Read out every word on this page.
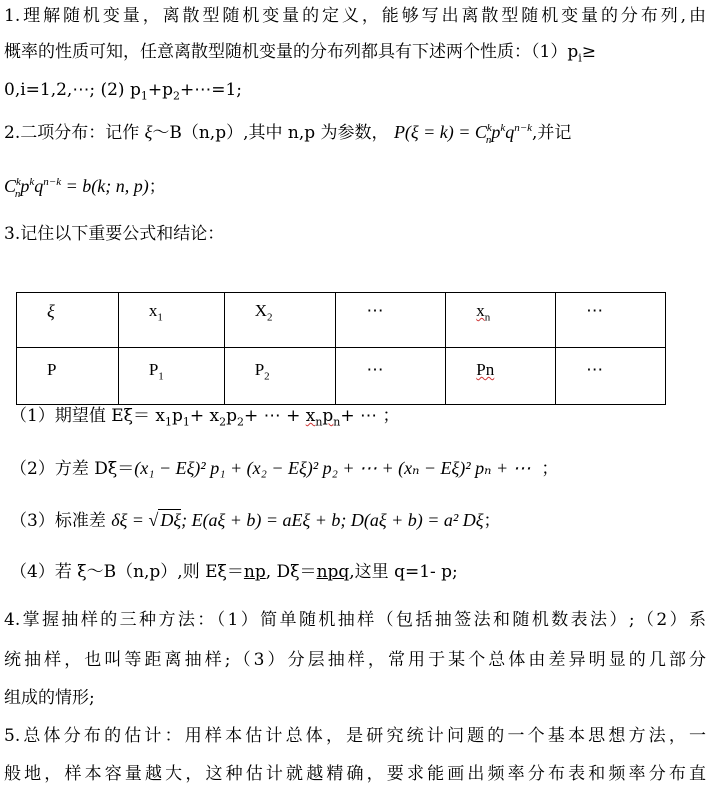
1.理解随机变量，离散型随机变量的定义，能够写出离散型随机变量的分布列,由
概率的性质可知，任意离散型随机变量的分布列都具有下述两个性质：$(1)p_i\ge$
0,i=1,2,⋯; (2) $p_1+p_2+\cdots=1$;
2.二项分布：记作 ξ～B（n,p）,其中 n,p 为参数， $P(\xi = k) = C^k_np^kq^{n-k}$,并记
$C^k_np^kq^{n-k} = b(k$; n, p)；
3.记住以下重要公式和结论：
ξ	$x_1$	$X_2$	⋯	$x_n$	⋯
P	$P_1$	$P_2$	⋯	Pn	⋯
（1）期望值 $E\xi= x_1p_1+ x_2p_2+$ ⋯ + $x_np_n+$ ⋯ ；
（2）方差 Dξ＝(x₁ − Eξ)² p₁ + (x₂ − Eξ)² p₂ + ⋯ + (xₙ − Eξ)² pₙ + ⋯ ；
（3）标准差 δξ = √ Dξ; E(aξ + b) = aEξ + b; D(aξ + b) = a² Dξ；
（4）若 ξ～B（n,p）,则 Eξ＝np, Dξ＝npq,这里 q=1- p;
4.掌握抽样的三种方法：（1）简单随机抽样（包括抽签法和随机数表法）;（2）系
统抽样，也叫等距离抽样;（3）分层抽样，常用于某个总体由差异明显的几部分
组成的情形;
5.总体分布的估计：用样本估计总体，是研究统计问题的一个基本思想方法，一
般地，样本容量越大，这种估计就越精确，要求能画出频率分布表和频率分布直
